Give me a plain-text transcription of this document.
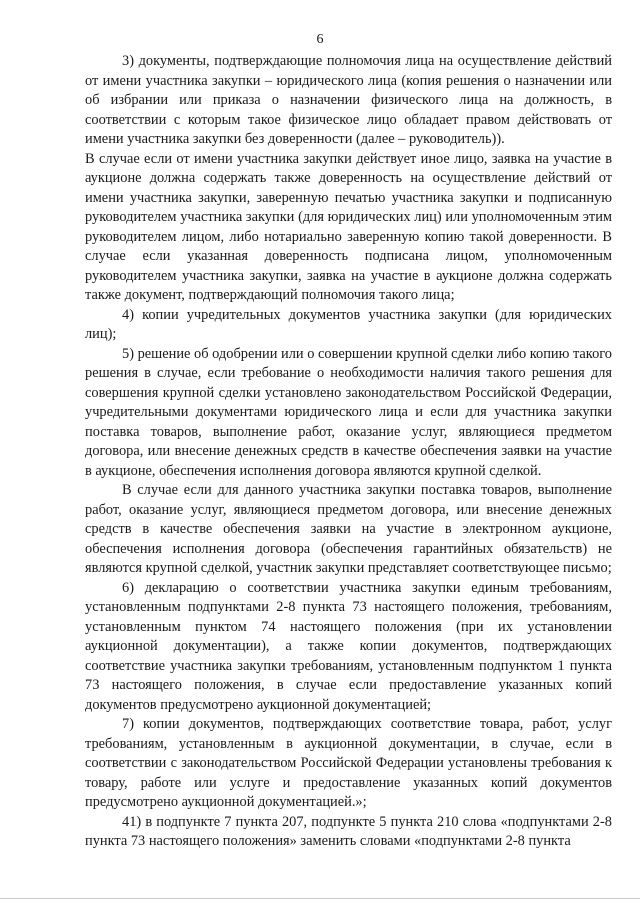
6

3) документы, подтверждающие полномочия лица на осуществление действий от имени участника закупки – юридического лица (копия решения о назначении или об избрании или приказа о назначении физического лица на должность, в соответствии с которым такое физическое лицо обладает правом действовать от имени участника закупки без доверенности (далее – руководитель)).

В случае если от имени участника закупки действует иное лицо, заявка на участие в аукционе должна содержать также доверенность на осуществление действий от имени участника закупки, заверенную печатью участника закупки и подписанную руководителем участника закупки (для юридических лиц) или уполномоченным этим руководителем лицом, либо нотариально заверенную копию такой доверенности. В случае если указанная доверенность подписана лицом, уполномоченным руководителем участника закупки, заявка на участие в аукционе должна содержать также документ, подтверждающий полномочия такого лица;

4) копии учредительных документов участника закупки (для юридических лиц);

5) решение об одобрении или о совершении крупной сделки либо копию такого решения в случае, если требование о необходимости наличия такого решения для совершения крупной сделки установлено законодательством Российской Федерации, учредительными документами юридического лица и если для участника закупки поставка товаров, выполнение работ, оказание услуг, являющиеся предметом договора, или внесение денежных средств в качестве обеспечения заявки на участие в аукционе, обеспечения исполнения договора являются крупной сделкой.

В случае если для данного участника закупки поставка товаров, выполнение работ, оказание услуг, являющиеся предметом договора, или внесение денежных средств в качестве обеспечения заявки на участие в электронном аукционе, обеспечения исполнения договора (обеспечения гарантийных обязательств) не являются крупной сделкой, участник закупки представляет соответствующее письмо;

6) декларацию о соответствии участника закупки единым требованиям, установленным подпунктами 2-8 пункта 73 настоящего положения, требованиям, установленным пунктом 74 настоящего положения (при их установлении аукционной документации), а также копии документов, подтверждающих соответствие участника закупки требованиям, установленным подпунктом 1 пункта 73 настоящего положения, в случае если предоставление указанных копий документов предусмотрено аукционной документацией;

7) копии документов, подтверждающих соответствие товара, работ, услуг требованиям, установленным в аукционной документации, в случае, если в соответствии с законодательством Российской Федерации установлены требования к товару, работе или услуге и предоставление указанных копий документов предусмотрено аукционной документацией.»;

41) в подпункте 7 пункта 207, подпункте 5 пункта 210 слова «подпунктами 2-8 пункта 73 настоящего положения» заменить словами «подпунктами 2-8 пункта
